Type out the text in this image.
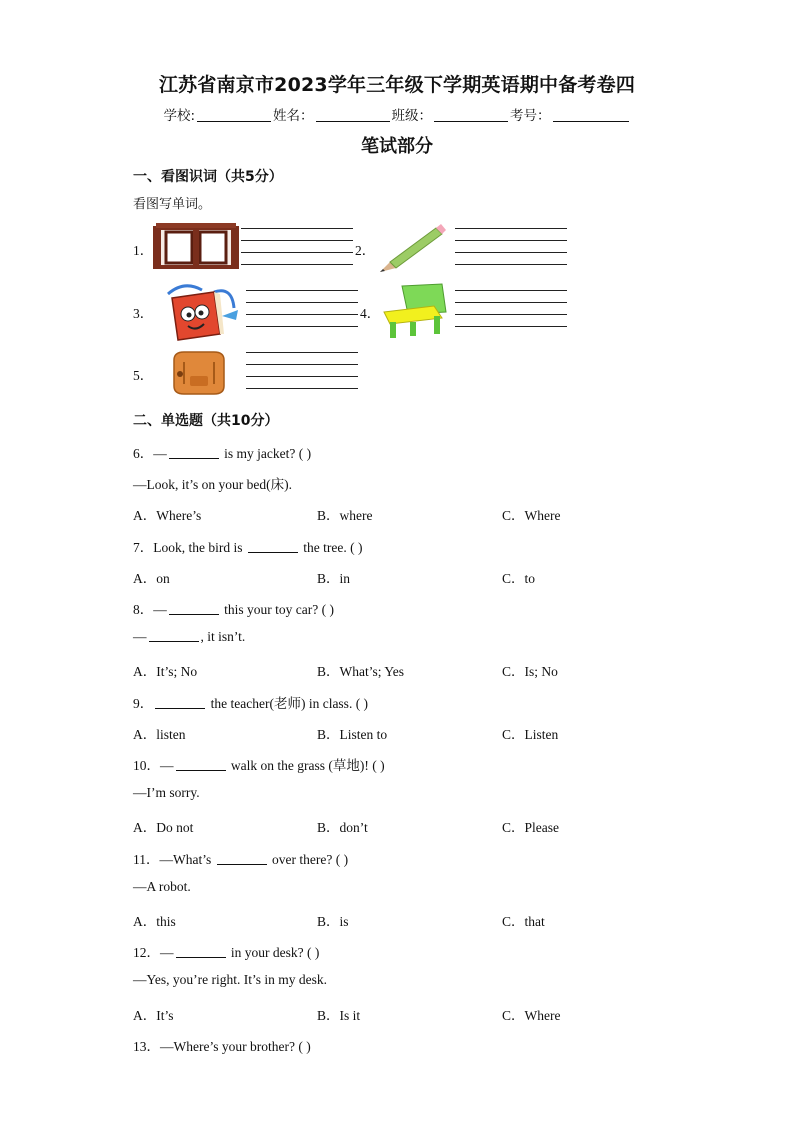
江苏省南京市2023学年三年级下学期英语期中备考卷四
学校:	姓名：	班级：	考号：
笔试部分
一、看图识词（共5分）
看图写单词。
1．	2．
3．	4．
5．
二、单选题（共10分）
6．—	is my jacket? ( )
—Look, it’s on your bed(床).
A．Where’s	B．where	C．Where
7．Look, the bird is	the tree. ( )
A．on	B．in	C．to
8．—	this your toy car? ( )
—	, it isn’t.
A．It’s; No	B．What’s; Yes	C．Is; No
9．	the teacher(老师) in class. ( )
A．listen	B．Listen to	C．Listen
10．—	walk on the grass (草地)! ( )
—I’m sorry.
A．Do not	B．don’t	C．Please
11．—What’s	over there? ( )
—A robot.
A．this	B．is	C．that
12．—	in your desk? ( )
—Yes, you’re right. It’s in my desk.
A．It’s	B．Is it	C．Where
13．—Where’s your brother? ( )
